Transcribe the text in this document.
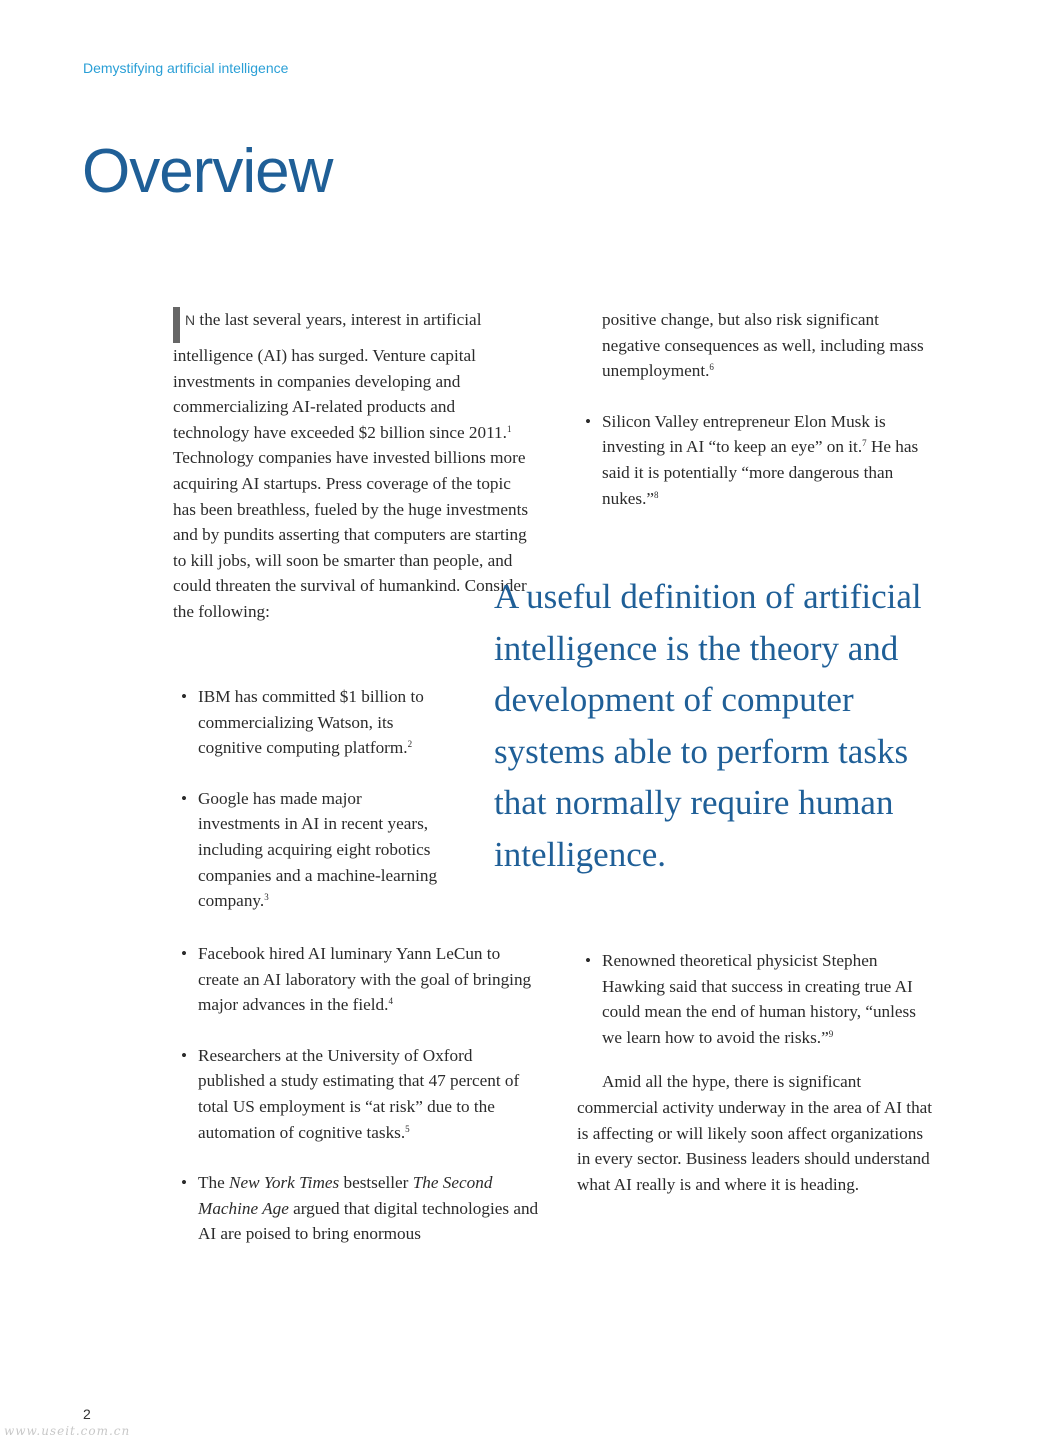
Demystifying artificial intelligence
Overview

N the last several years, interest in artificial intelligence (AI) has surged. Venture capital investments in companies developing and commercializing AI-related products and technology have exceeded $2 billion since 2011.$^1$ Technology companies have invested billions more acquiring AI startups. Press coverage of the topic has been breathless, fueled by the huge investments and by pundits asserting that computers are starting to kill jobs, will soon be smarter than people, and could threaten the survival of humankind. Consider the following:

• IBM has committed $1 billion to commercializing Watson, its cognitive computing platform.$^2$
• Google has made major investments in AI in recent years, including acquiring eight robotics companies and a machine-learning company.$^3$
• Facebook hired AI luminary Yann LeCun to create an AI laboratory with the goal of bringing major advances in the field.$^4$
• Researchers at the University of Oxford published a study estimating that 47 percent of total US employment is “at risk” due to the automation of cognitive tasks.$^5$
• The New York Times bestseller The Second Machine Age argued that digital technologies and AI are poised to bring enormous

positive change, but also risk significant negative consequences as well, including mass unemployment.$^6$

• Silicon Valley entrepreneur Elon Musk is investing in AI “to keep an eye” on it.$^7$ He has said it is potentially “more dangerous than nukes.”$^8$

A useful definition of artificial intelligence is the theory and development of computer systems able to perform tasks that normally require human intelligence.

• Renowned theoretical physicist Stephen Hawking said that success in creating true AI could mean the end of human history, “unless we learn how to avoid the risks.”$^9$

Amid all the hype, there is significant commercial activity underway in the area of AI that is affecting or will likely soon affect organizations in every sector. Business leaders should understand what AI really is and where it is heading.

2
www.useit.com.cn
